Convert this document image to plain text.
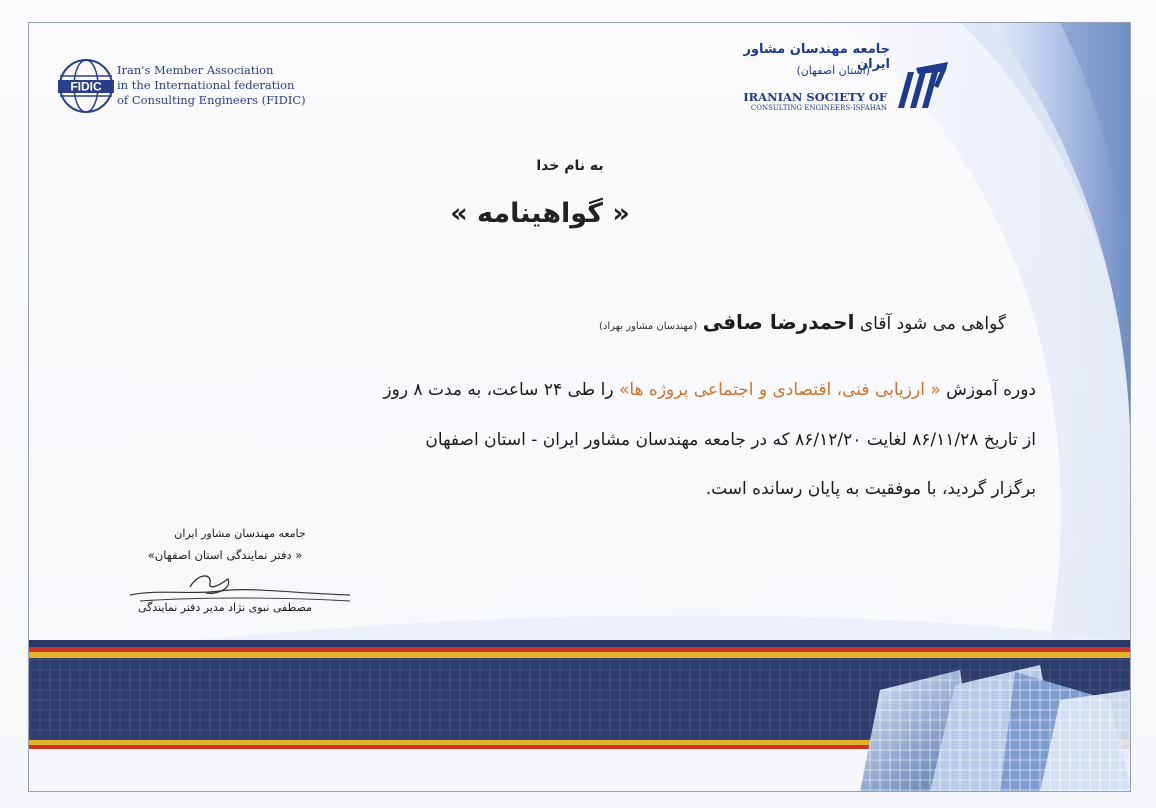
FIDIC
Iran's Member Association
in the International federation
of Consulting Engineers (FIDIC)
جامعه مهندسان مشاور ایران
(استان اصفهان)
IRANIAN SOCIETY OF
CONSULTING ENGINEERS-ISFAHAN
به نام خدا
« گواهینامه »
گواهی می شود آقای احمدرضا صافی (مهندسان مشاور بهراد)
دوره آموزش « ارزیابی فنی، اقتصادی و اجتماعی پروژه ها» را طی ۲۴ ساعت، به مدت ۸ روز
از تاریخ ۸۶/۱۱/۲۸ لغایت ۸۶/۱۲/۲۰ که در جامعه مهندسان مشاور ایران - استان اصفهان
برگزار گردید، با موفقیت به پایان رسانده است.
جامعه مهندسان مشاور ایران
« دفتر نمایندگی استان اصفهان»
مصطفی نبوی نژاد مدیر دفتر نمایندگی
